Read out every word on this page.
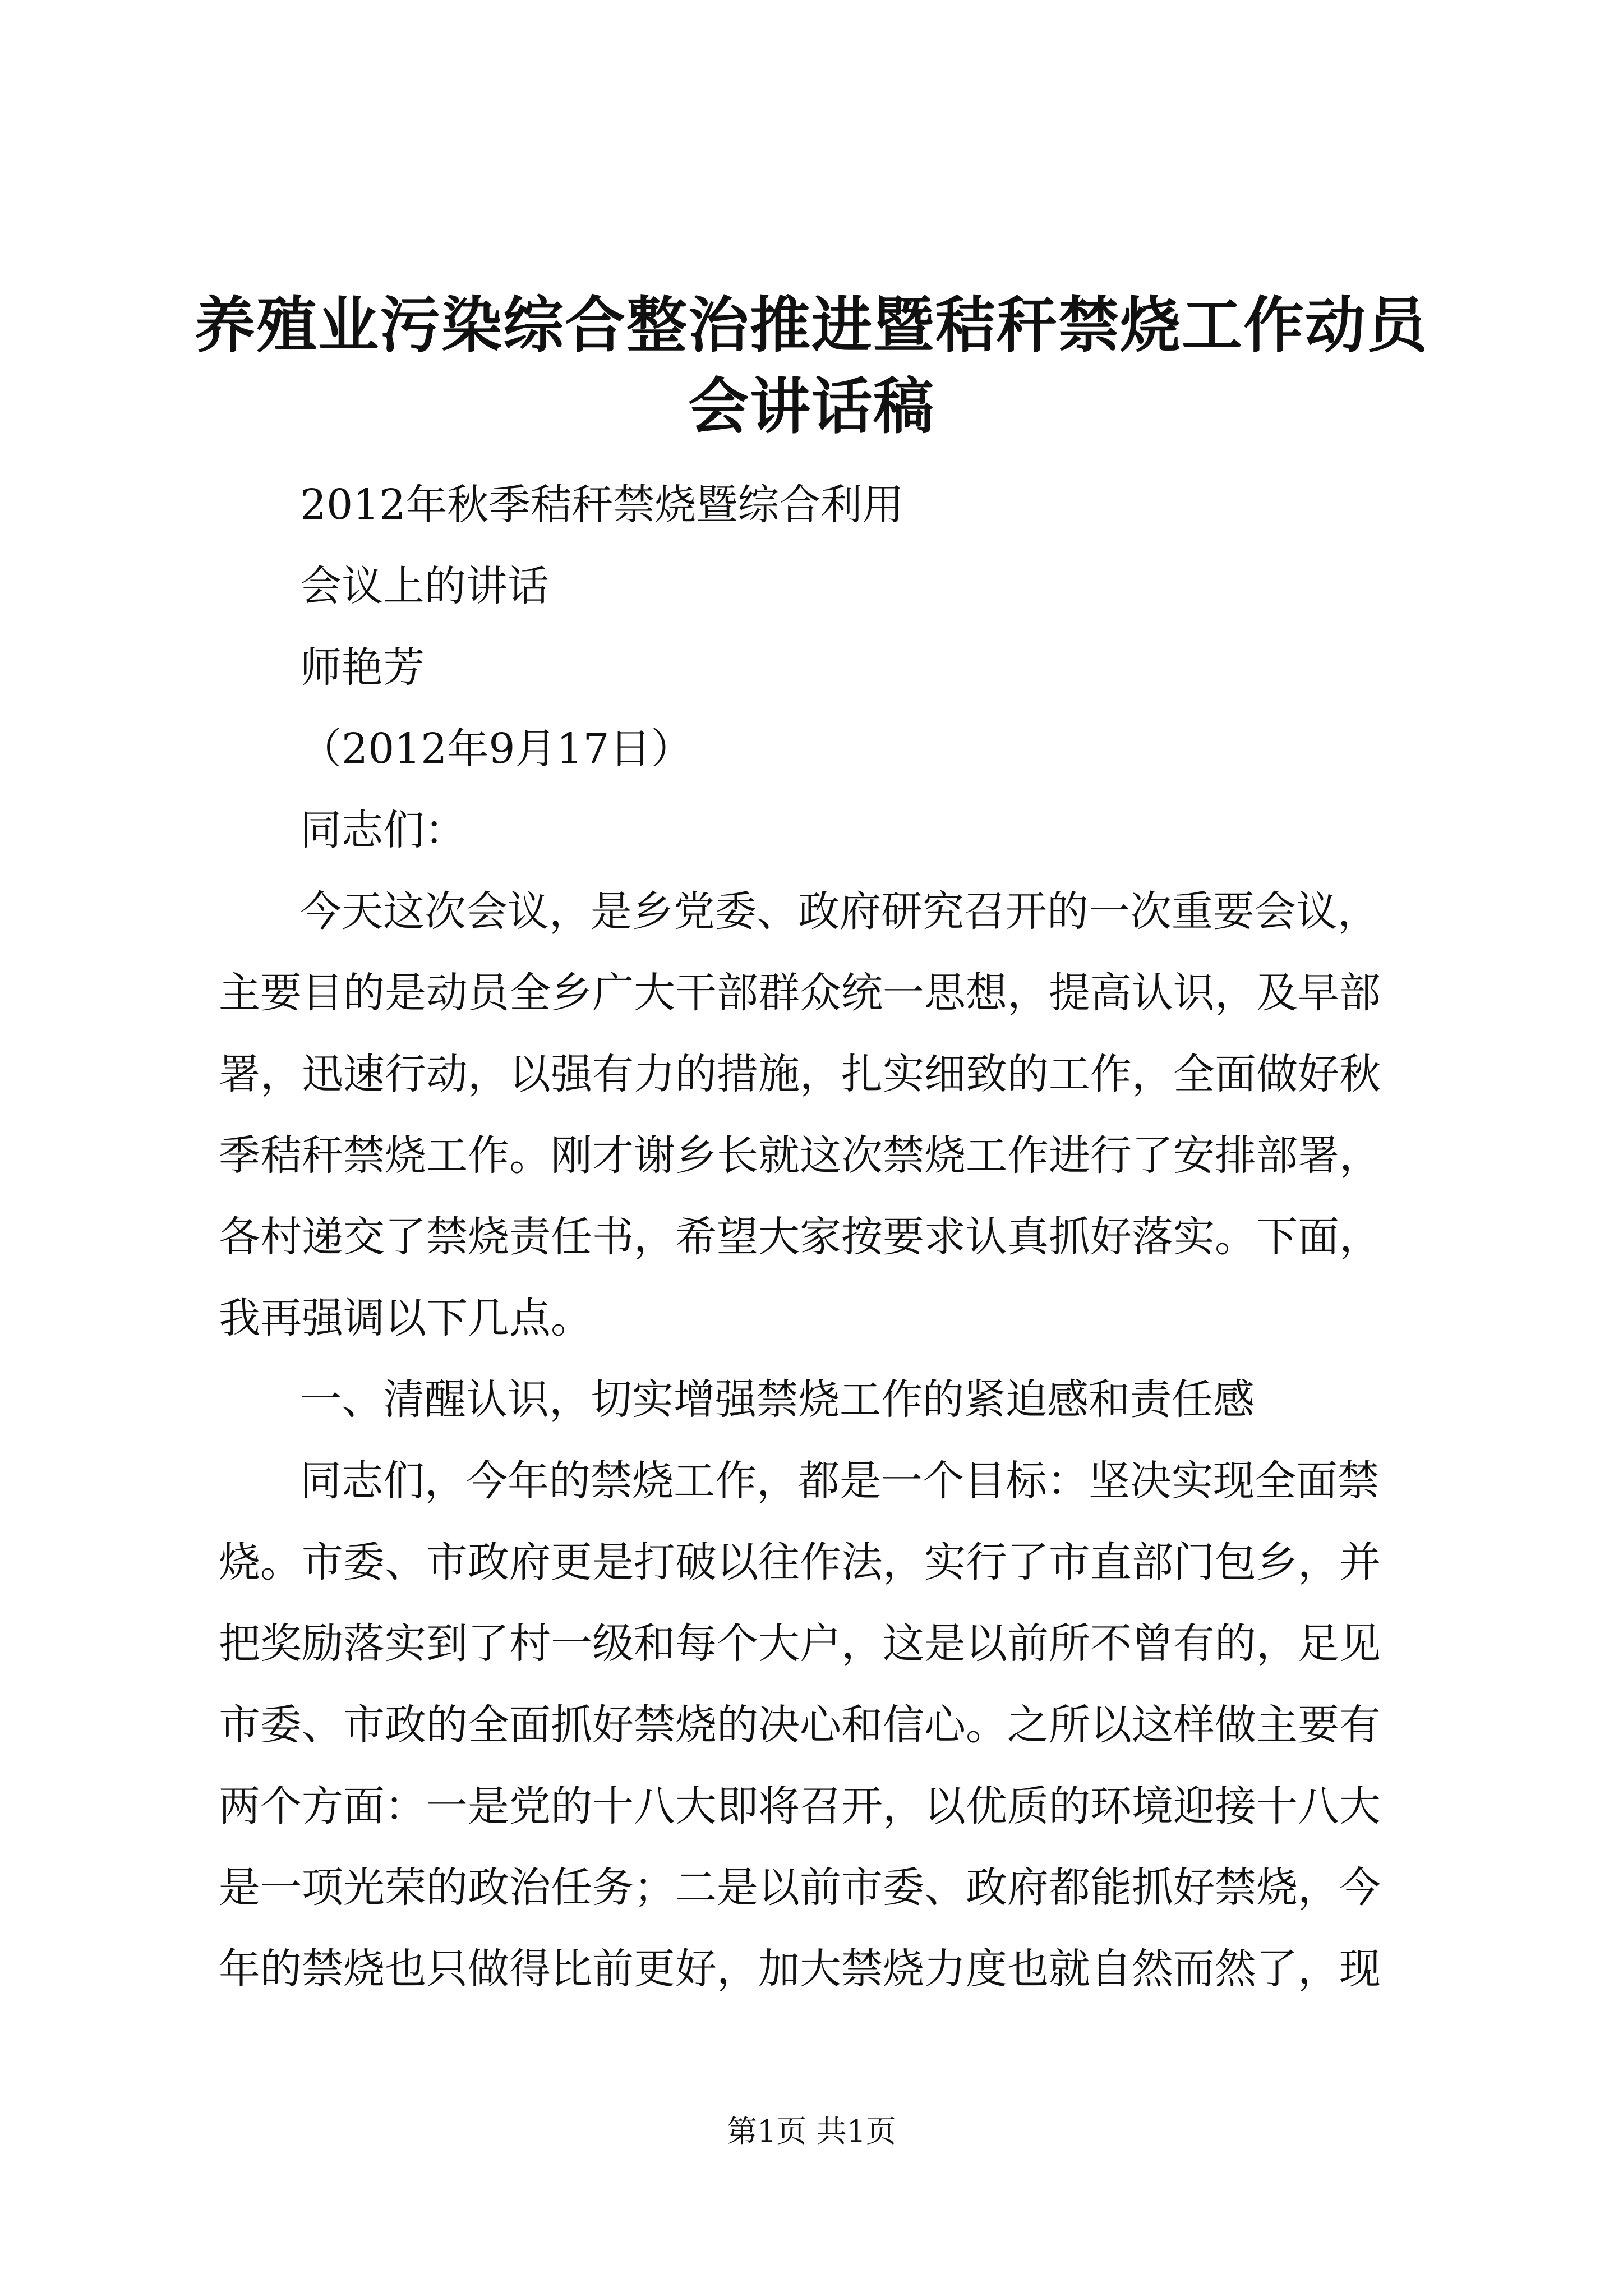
养殖业污染综合整治推进暨秸秆禁烧工作动员
会讲话稿

2012年秋季秸秆禁烧暨综合利用

会议上的讲话

师艳芳

（2012年9月17日）

同志们：

今天这次会议，是乡党委、政府研究召开的一次重要会议，

主要目的是动员全乡广大干部群众统一思想，提高认识，及早部

署，迅速行动，以强有力的措施，扎实细致的工作，全面做好秋

季秸秆禁烧工作。刚才谢乡长就这次禁烧工作进行了安排部署，

各村递交了禁烧责任书，希望大家按要求认真抓好落实。下面，

我再强调以下几点。

一、清醒认识，切实增强禁烧工作的紧迫感和责任感

同志们，今年的禁烧工作，都是一个目标：坚决实现全面禁

烧。市委、市政府更是打破以往作法，实行了市直部门包乡，并

把奖励落实到了村一级和每个大户，这是以前所不曾有的，足见

市委、市政的全面抓好禁烧的决心和信心。之所以这样做主要有

两个方面：一是党的十八大即将召开，以优质的环境迎接十八大

是一项光荣的政治任务；二是以前市委、政府都能抓好禁烧，今

年的禁烧也只做得比前更好，加大禁烧力度也就自然而然了，现

第1页 共1页
